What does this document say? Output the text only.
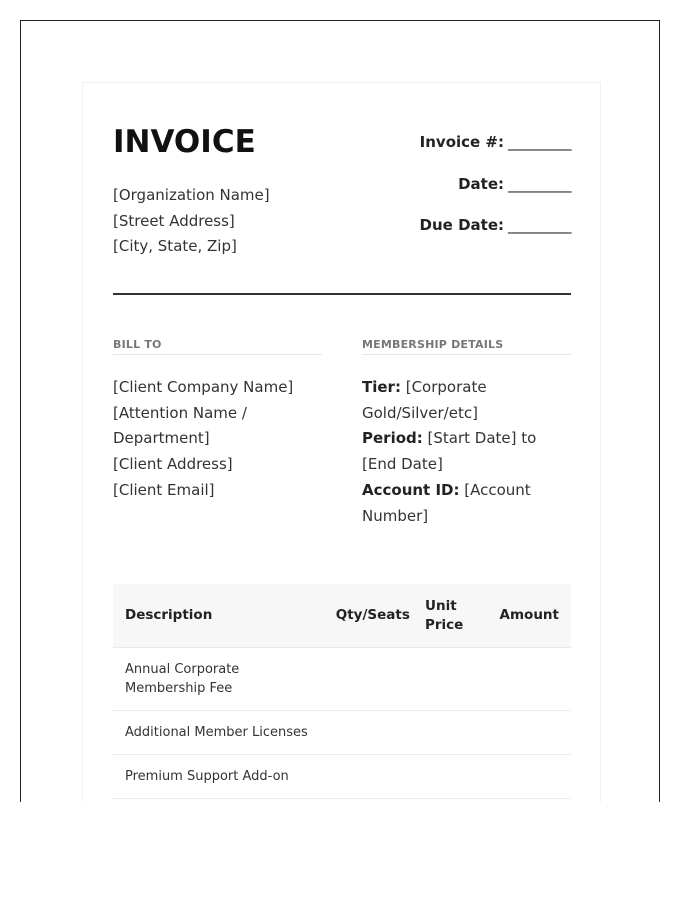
INVOICE
[Organization Name]
[Street Address]
[City, State, Zip]
Invoice #: _________
Date: _________
Due Date: _________
BILL TO
[Client Company Name]
[Attention Name / Department]
[Client Address]
[Client Email]
MEMBERSHIP DETAILS
Tier: [Corporate Gold/Silver/etc]
Period: [Start Date] to [End Date]
Account ID: [Account Number]
Description	Qty/Seats	Unit Price	Amount
Annual Corporate Membership Fee			
Additional Member Licenses			
Premium Support Add-on			
